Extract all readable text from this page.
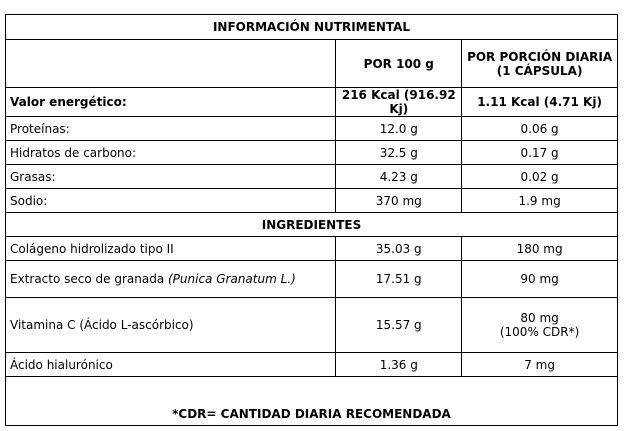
INFORMACIÓN NUTRIMENTAL		
	POR 100 g	POR PORCIÓN DIARIA
(1 CÁPSULA)

Valor energético:	216 Kcal (916.92 Kj)	1.11 Kcal (4.71 Kj)
Proteínas:	12.0 g	0.06 g
Hidratos de carbono:	32.5 g	0.17 g
Grasas:	4.23 g	0.02 g
Sodio:	370 mg	1.9 mg
INGREDIENTES		
Colágeno hidrolizado tipo II	35.03 g	180 mg
Extracto seco de granada (Punica Granatum L.)	17.51 g	90 mg
Vitamina C (Ácido L-ascórbico)	15.57 g	80 mg
(100% CDR*)

Ácido hialurónico	1.36 g	7 mg
*CDR= CANTIDAD DIARIA RECOMENDADA		
